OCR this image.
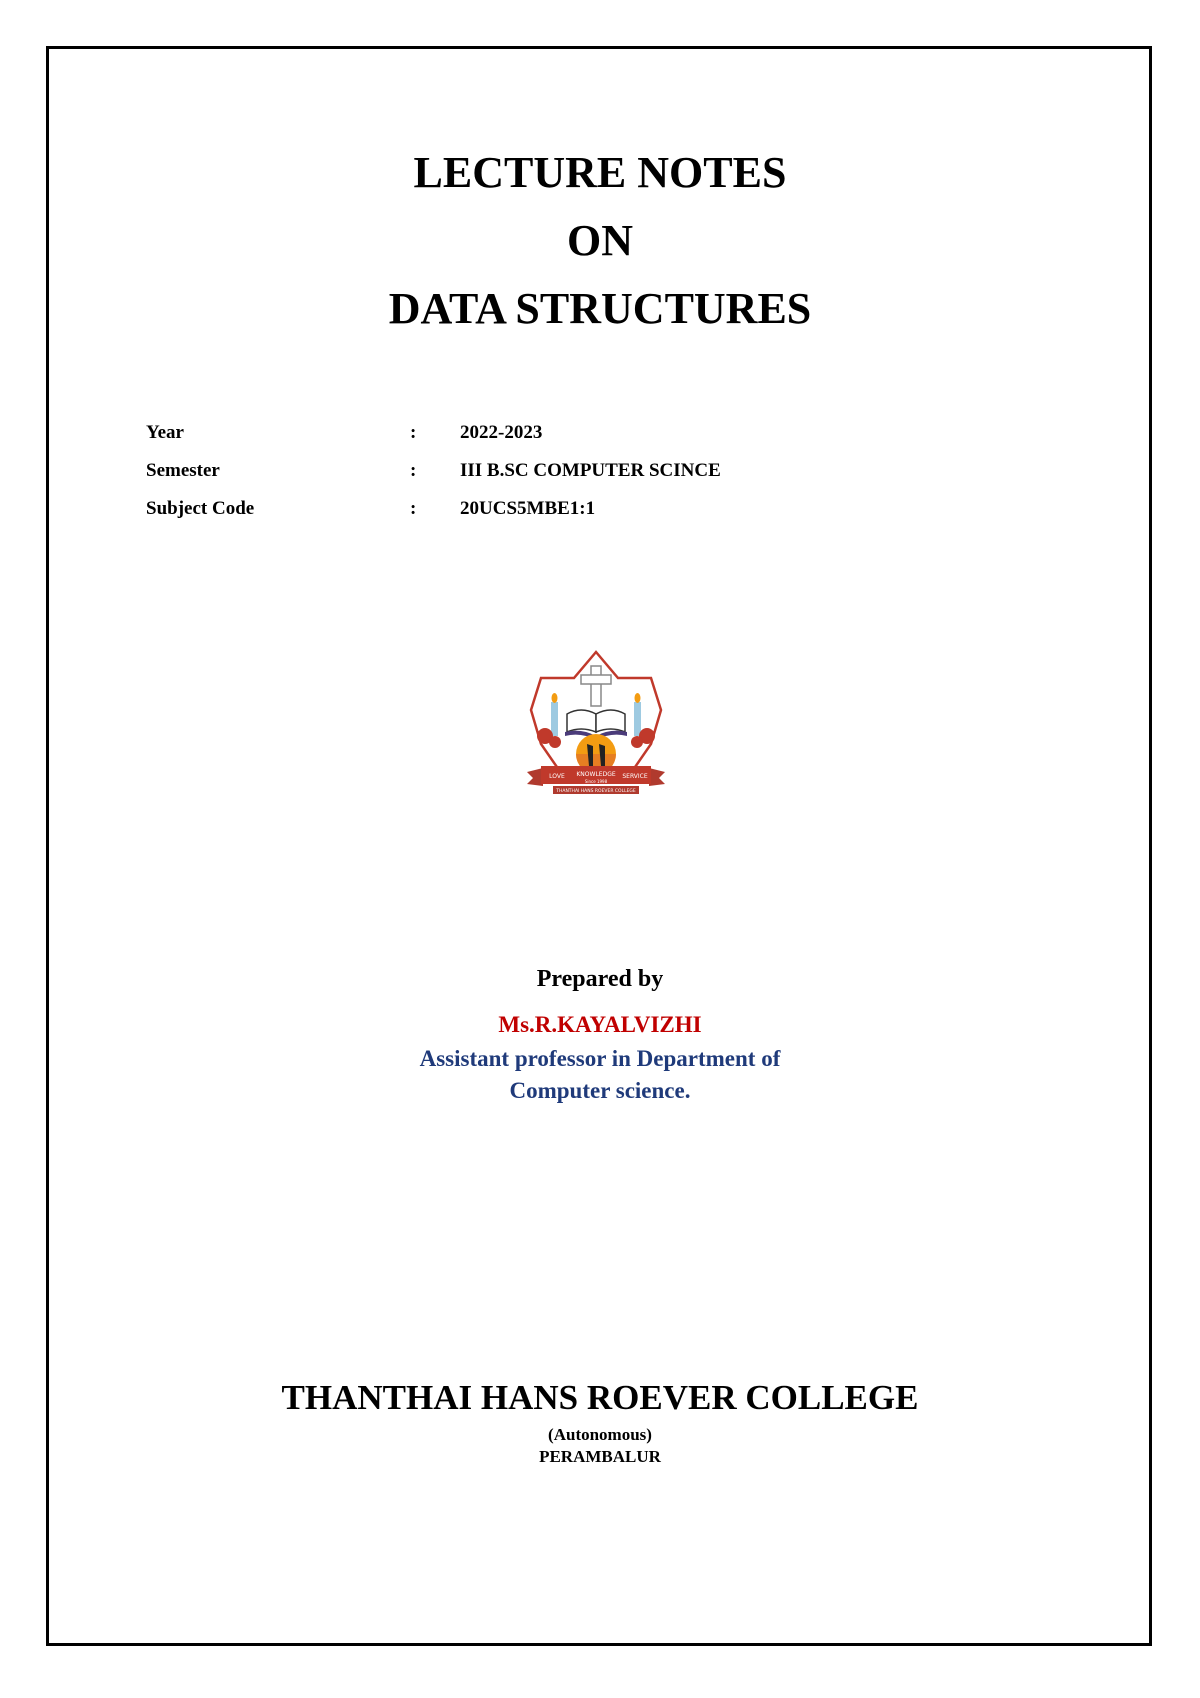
LECTURE NOTES
ON
DATA STRUCTURES
Year	: 2022-2023
Semester	: III B.SC COMPUTER SCINCE
Subject Code	: 20UCS5MBE1:1
LOVE KNOWLEDGE SERVICE
Since 1998
THANTHAI HANS ROEVER COLLEGE
Prepared by
Ms.R.KAYALVIZHI
Assistant professor in Department of
Computer science.
THANTHAI HANS ROEVER COLLEGE
(Autonomous)
PERAMBALUR
